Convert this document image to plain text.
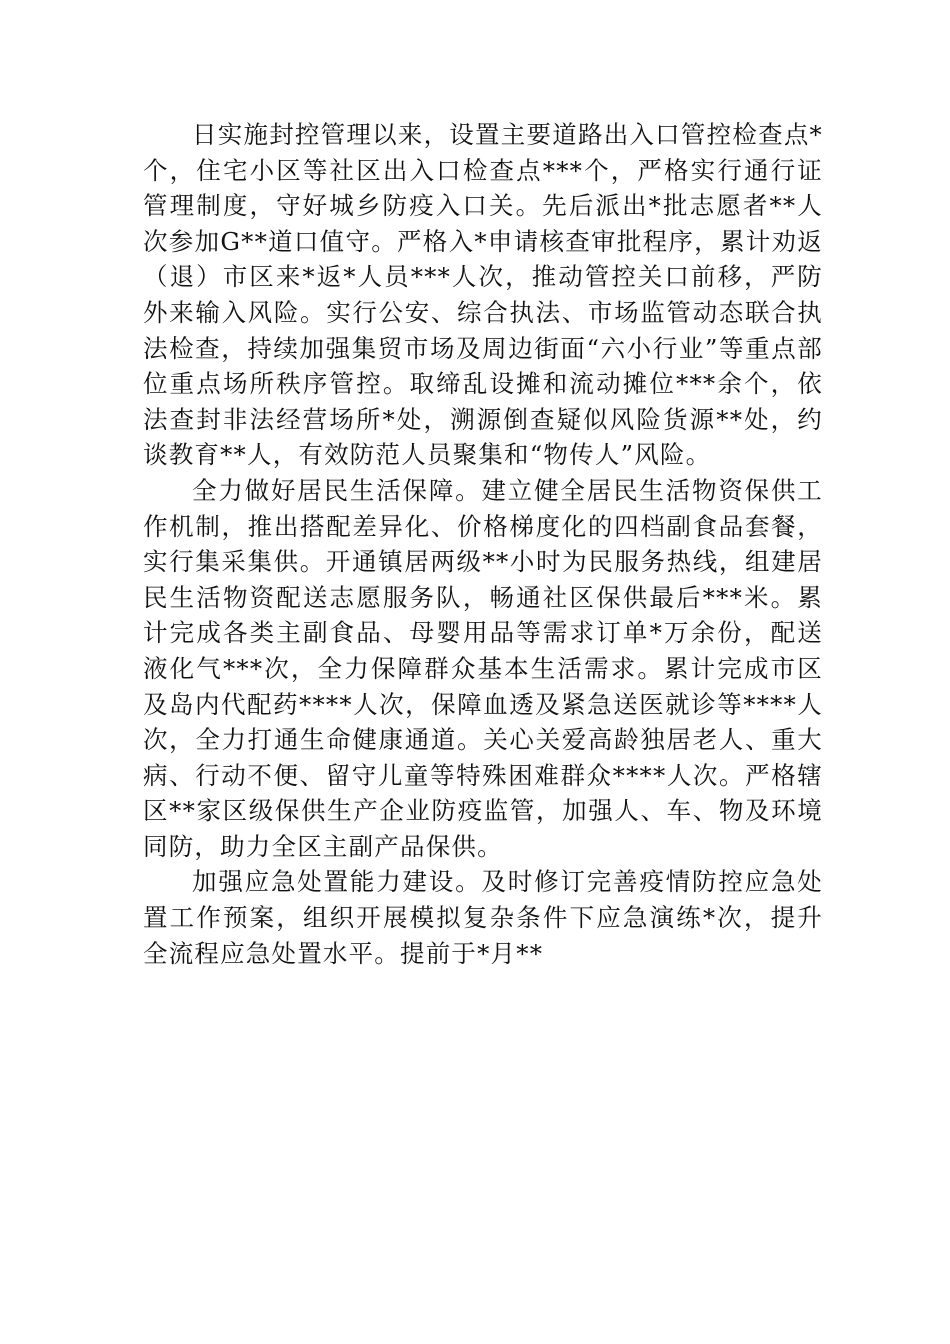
日实施封控管理以来，设置主要道路出入口管控检查点*个，住宅小区等社区出入口检查点***个，严格实行通行证管理制度，守好城乡防疫入口关。先后派出*批志愿者**人次参加G**道口值守。严格入*申请核查审批程序，累计劝返（退）市区来*返*人员***人次，推动管控关口前移，严防外来输入风险。实行公安、综合执法、市场监管动态联合执法检查，持续加强集贸市场及周边街面“六小行业”等重点部位重点场所秩序管控。取缔乱设摊和流动摊位***余个，依法查封非法经营场所*处，溯源倒查疑似风险货源**处，约谈教育**人，有效防范人员聚集和“物传人”风险。

全力做好居民生活保障。建立健全居民生活物资保供工作机制，推出搭配差异化、价格梯度化的四档副食品套餐，实行集采集供。开通镇居两级**小时为民服务热线，组建居民生活物资配送志愿服务队，畅通社区保供最后***米。累计完成各类主副食品、母婴用品等需求订单*万余份，配送液化气***次，全力保障群众基本生活需求。累计完成市区及岛内代配药****人次，保障血透及紧急送医就诊等****人次，全力打通生命健康通道。关心关爱高龄独居老人、重大病、行动不便、留守儿童等特殊困难群众****人次。严格辖区**家区级保供生产企业防疫监管，加强人、车、物及环境同防，助力全区主副产品保供。

加强应急处置能力建设。及时修订完善疫情防控应急处置工作预案，组织开展模拟复杂条件下应急演练*次，提升全流程应急处置水平。提前于*月**
